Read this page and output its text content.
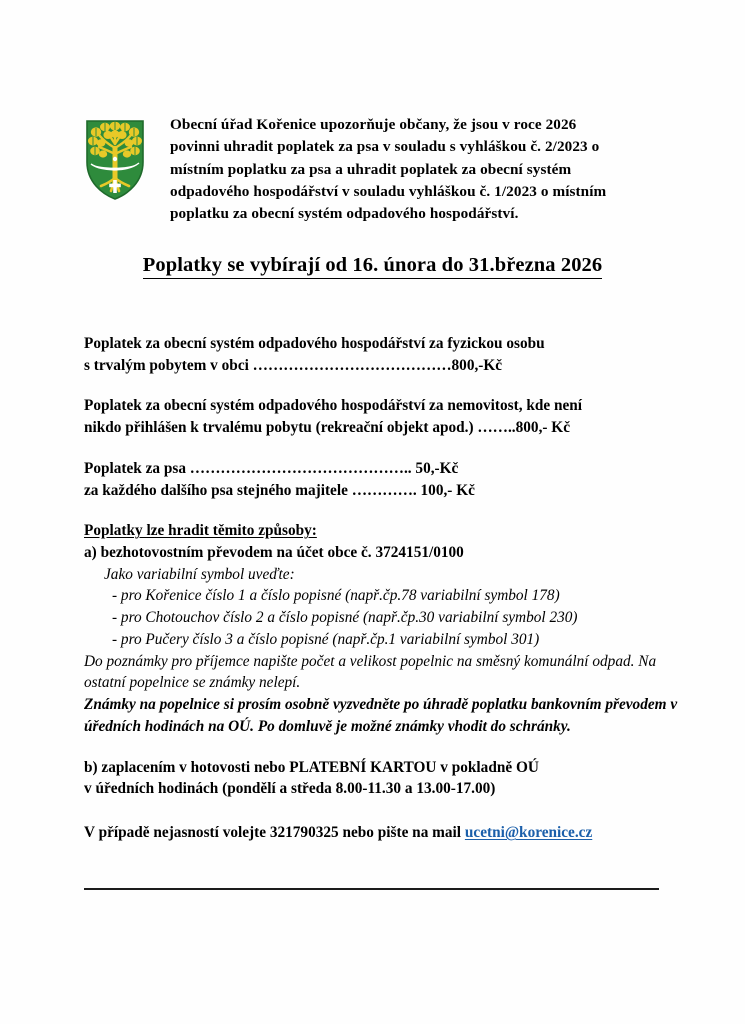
Obecní úřad Kořenice upozorňuje občany, že jsou v roce 2026
povinni uhradit poplatek za psa v souladu s vyhláškou č. 2/2023 o
místním poplatku za psa a uhradit poplatek za obecní systém
odpadového hospodářství v souladu vyhláškou č. 1/2023 o místním
poplatku za obecní systém odpadového hospodářství.
Poplatky se vybírají od 16. února do 31.března 2026
Poplatek za obecní systém odpadového hospodářství za fyzickou osobu
s trvalým pobytem v obci …………………………………800,-Kč
Poplatek za obecní systém odpadového hospodářství za nemovitost, kde není
nikdo přihlášen k trvalému pobytu (rekreační objekt apod.) ……..800,- Kč
Poplatek za psa …………………………………….. 50,-Kč
za každého dalšího psa stejného majitele …………. 100,- Kč
Poplatky lze hradit těmito způsoby:
a) bezhotovostním převodem na účet obce č. 3724151/0100
Jako variabilní symbol uveďte:
- pro Kořenice číslo 1 a číslo popisné (např.čp.78 variabilní symbol 178)
- pro Chotouchov číslo 2 a číslo popisné (např.čp.30 variabilní symbol 230)
- pro Pučery číslo 3 a číslo popisné (např.čp.1 variabilní symbol 301)
Do poznámky pro příjemce napište počet a velikost popelnic na směsný komunální odpad. Na ostatní popelnice se známky nelepí.
Známky na popelnice si prosím osobně vyzvedněte po úhradě poplatku bankovním převodem v úředních hodinách na OÚ. Po domluvě je možné známky vhodit do schránky.
b) zaplacením v hotovosti nebo PLATEBNÍ KARTOU v pokladně OÚ
v úředních hodinách (pondělí a středa 8.00-11.30 a 13.00-17.00)
V případě nejasností volejte 321790325 nebo pište na mail ucetni@korenice.cz
